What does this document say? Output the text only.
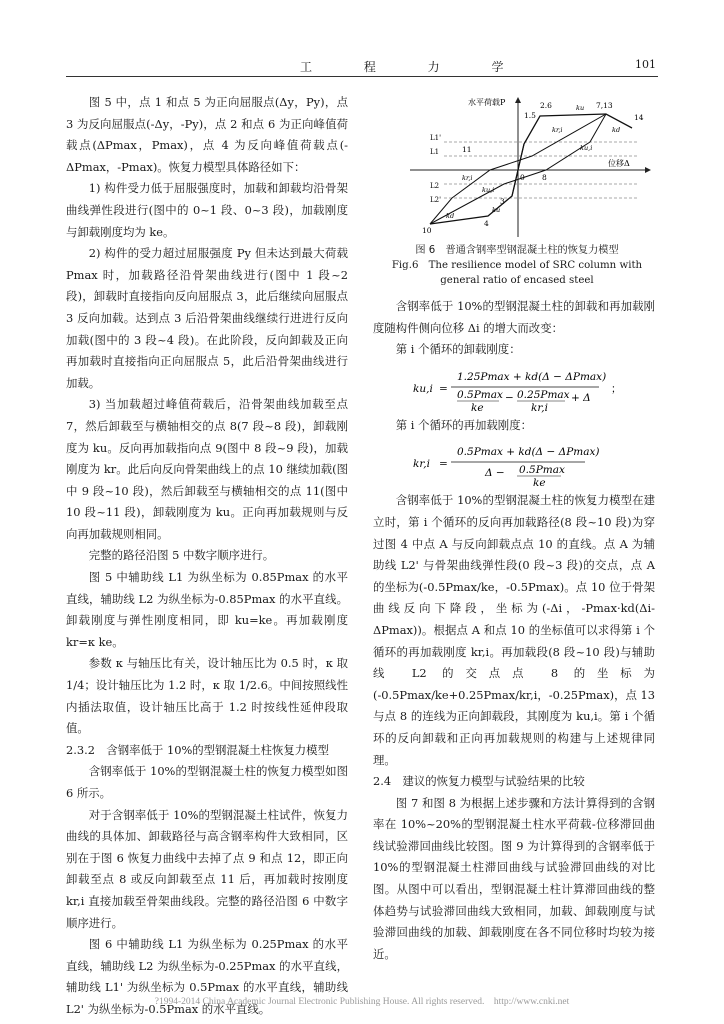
工 程 力 学	101

图 5 中，点 1 和点 5 为正向屈服点(Δy，Py)，点 3 为反向屈服点(-Δy，-Py)，点 2 和点 6 为正向峰值荷载点(ΔPmax，Pmax)，点 4 为反向峰值荷载点(-ΔPmax，-Pmax)。恢复力模型具体路径如下：

1) 构件受力低于屈服强度时，加载和卸载均沿骨架曲线弹性段进行(图中的 0~1 段、0~3 段)，加载刚度与卸载刚度均为 ke。

2) 构件的受力超过屈服强度 Py 但未达到最大荷载 Pmax 时，加载路径沿骨架曲线进行(图中 1 段~2 段)，卸载时直接指向反向屈服点 3，此后继续向屈服点 3 反向加载。达到点 3 后沿骨架曲线继续行进进行反向加载(图中的 3 段~4 段)。在此阶段，反向卸载及正向再加载时直接指向正向屈服点 5，此后沿骨架曲线进行加载。

3) 当加载超过峰值荷载后，沿骨架曲线加载至点 7，然后卸载至与横轴相交的点 8(7 段~8 段)，卸载刚度为 ku。反向再加载指向点 9(图中 8 段~9 段)，加载刚度为 kr。此后向反向骨架曲线上的点 10 继续加载(图中 9 段~10 段)，然后卸载至与横轴相交的点 11(图中 10 段~11 段)，卸载刚度为 ku。正向再加载规则与反向再加载规则相同。

完整的路径沿图 5 中数字顺序进行。

图 5 中辅助线 L1 为纵坐标为 0.85Pmax 的水平直线，辅助线 L2 为纵坐标为-0.85Pmax 的水平直线。卸载刚度与弹性刚度相同，即 ku=ke。再加载刚度 kr=κ ke。

参数 κ 与轴压比有关，设计轴压比为 0.5 时，κ 取 1/4；设计轴压比为 1.2 时，κ 取 1/2.6。中间按照线性内插法取值，设计轴压比高于 1.2 时按线性延伸段取值。

2.3.2　含钢率低于 10%的型钢混凝土柱恢复力模型

含钢率低于 10%的型钢混凝土柱的恢复力模型如图 6 所示。

对于含钢率低于 10%的型钢混凝土柱试件，恢复力曲线的具体加、卸载路径与高含钢率构件大致相同，区别在于图 6 恢复力曲线中去掉了点 9 和点 12，即正向卸载至点 8 或反向卸载至点 11 后，再加载时按刚度 kr,i 直接加载至骨架曲线段。完整的路径沿图 6 中数字顺序进行。

图 6 中辅助线 L1 为纵坐标为 0.25Pmax 的水平直线，辅助线 L2 为纵坐标为-0.25Pmax 的水平直线，辅助线 L1' 为纵坐标为 0.5Pmax 的水平直线，辅助线 L2' 为纵坐标为-0.5Pmax 的水平直线。

水平荷载P
位移Δ
1.5
2.6	7,13
14
11
10
8
4
3
0
L1'
L1
L2
L2'
ku
kr,i	kd
ku,i
ku,i
kr,i
kd
ku
图 6　普通含钢率型钢混凝土柱的恢复力模型
Fig.6　The resilience model of SRC column with general ratio of encased steel

含钢率低于 10%的型钢混凝土柱的卸载和再加载刚度随构件侧向位移 Δi 的增大而改变：

第 i 个循环的卸载刚度：

ku,i =
1.25Pmax + kd(Δ − ΔPmax)
0.5Pmax
ke
− 0.25Pmax
kr,i
+ Δ
；

第 i 个循环的再加载刚度：

kr,i =
0.5Pmax + kd(Δ − ΔPmax)
Δ − 0.5Pmax
ke

含钢率低于 10%的型钢混凝土柱的恢复力模型在建立时，第 i 个循环的反向再加载路径(8 段~10 段)为穿过图 4 中点 A 与反向卸载点点 10 的直线。点 A 为辅助线 L2' 与骨架曲线弹性段(0 段~3 段)的交点，点 A 的坐标为(-0.5Pmax/ke，-0.5Pmax)。点 10 位于骨架曲线反向下降段，坐标为(-Δi，-Pmax·kd(Δi-ΔPmax))。根据点 A 和点 10 的坐标值可以求得第 i 个循环的再加载刚度 kr,i。再加载段(8 段~10 段)与辅助线 L2 的交点点 8 的坐标为(-0.5Pmax/ke+0.25Pmax/kr,i，-0.25Pmax)，点 13 与点 8 的连线为正向卸载段，其刚度为 ku,i。第 i 个循环的反向卸载和正向再加载规则的构建与上述规律同理。

2.4　建议的恢复力模型与试验结果的比较

图 7 和图 8 为根据上述步骤和方法计算得到的含钢率在 10%~20%的型钢混凝土柱水平荷载-位移滞回曲线试验滞回曲线比较图。图 9 为计算得到的含钢率低于 10%的型钢混凝土柱滞回曲线与试验滞回曲线的对比图。从图中可以看出，型钢混凝土柱计算滞回曲线的整体趋势与试验滞回曲线大致相同，加载、卸载刚度与试验滞回曲线的加载、卸载刚度在各不同位移时均较为接近。

?1994-2014 China Academic Journal Electronic Publishing House. All rights reserved.　http://www.cnki.net
